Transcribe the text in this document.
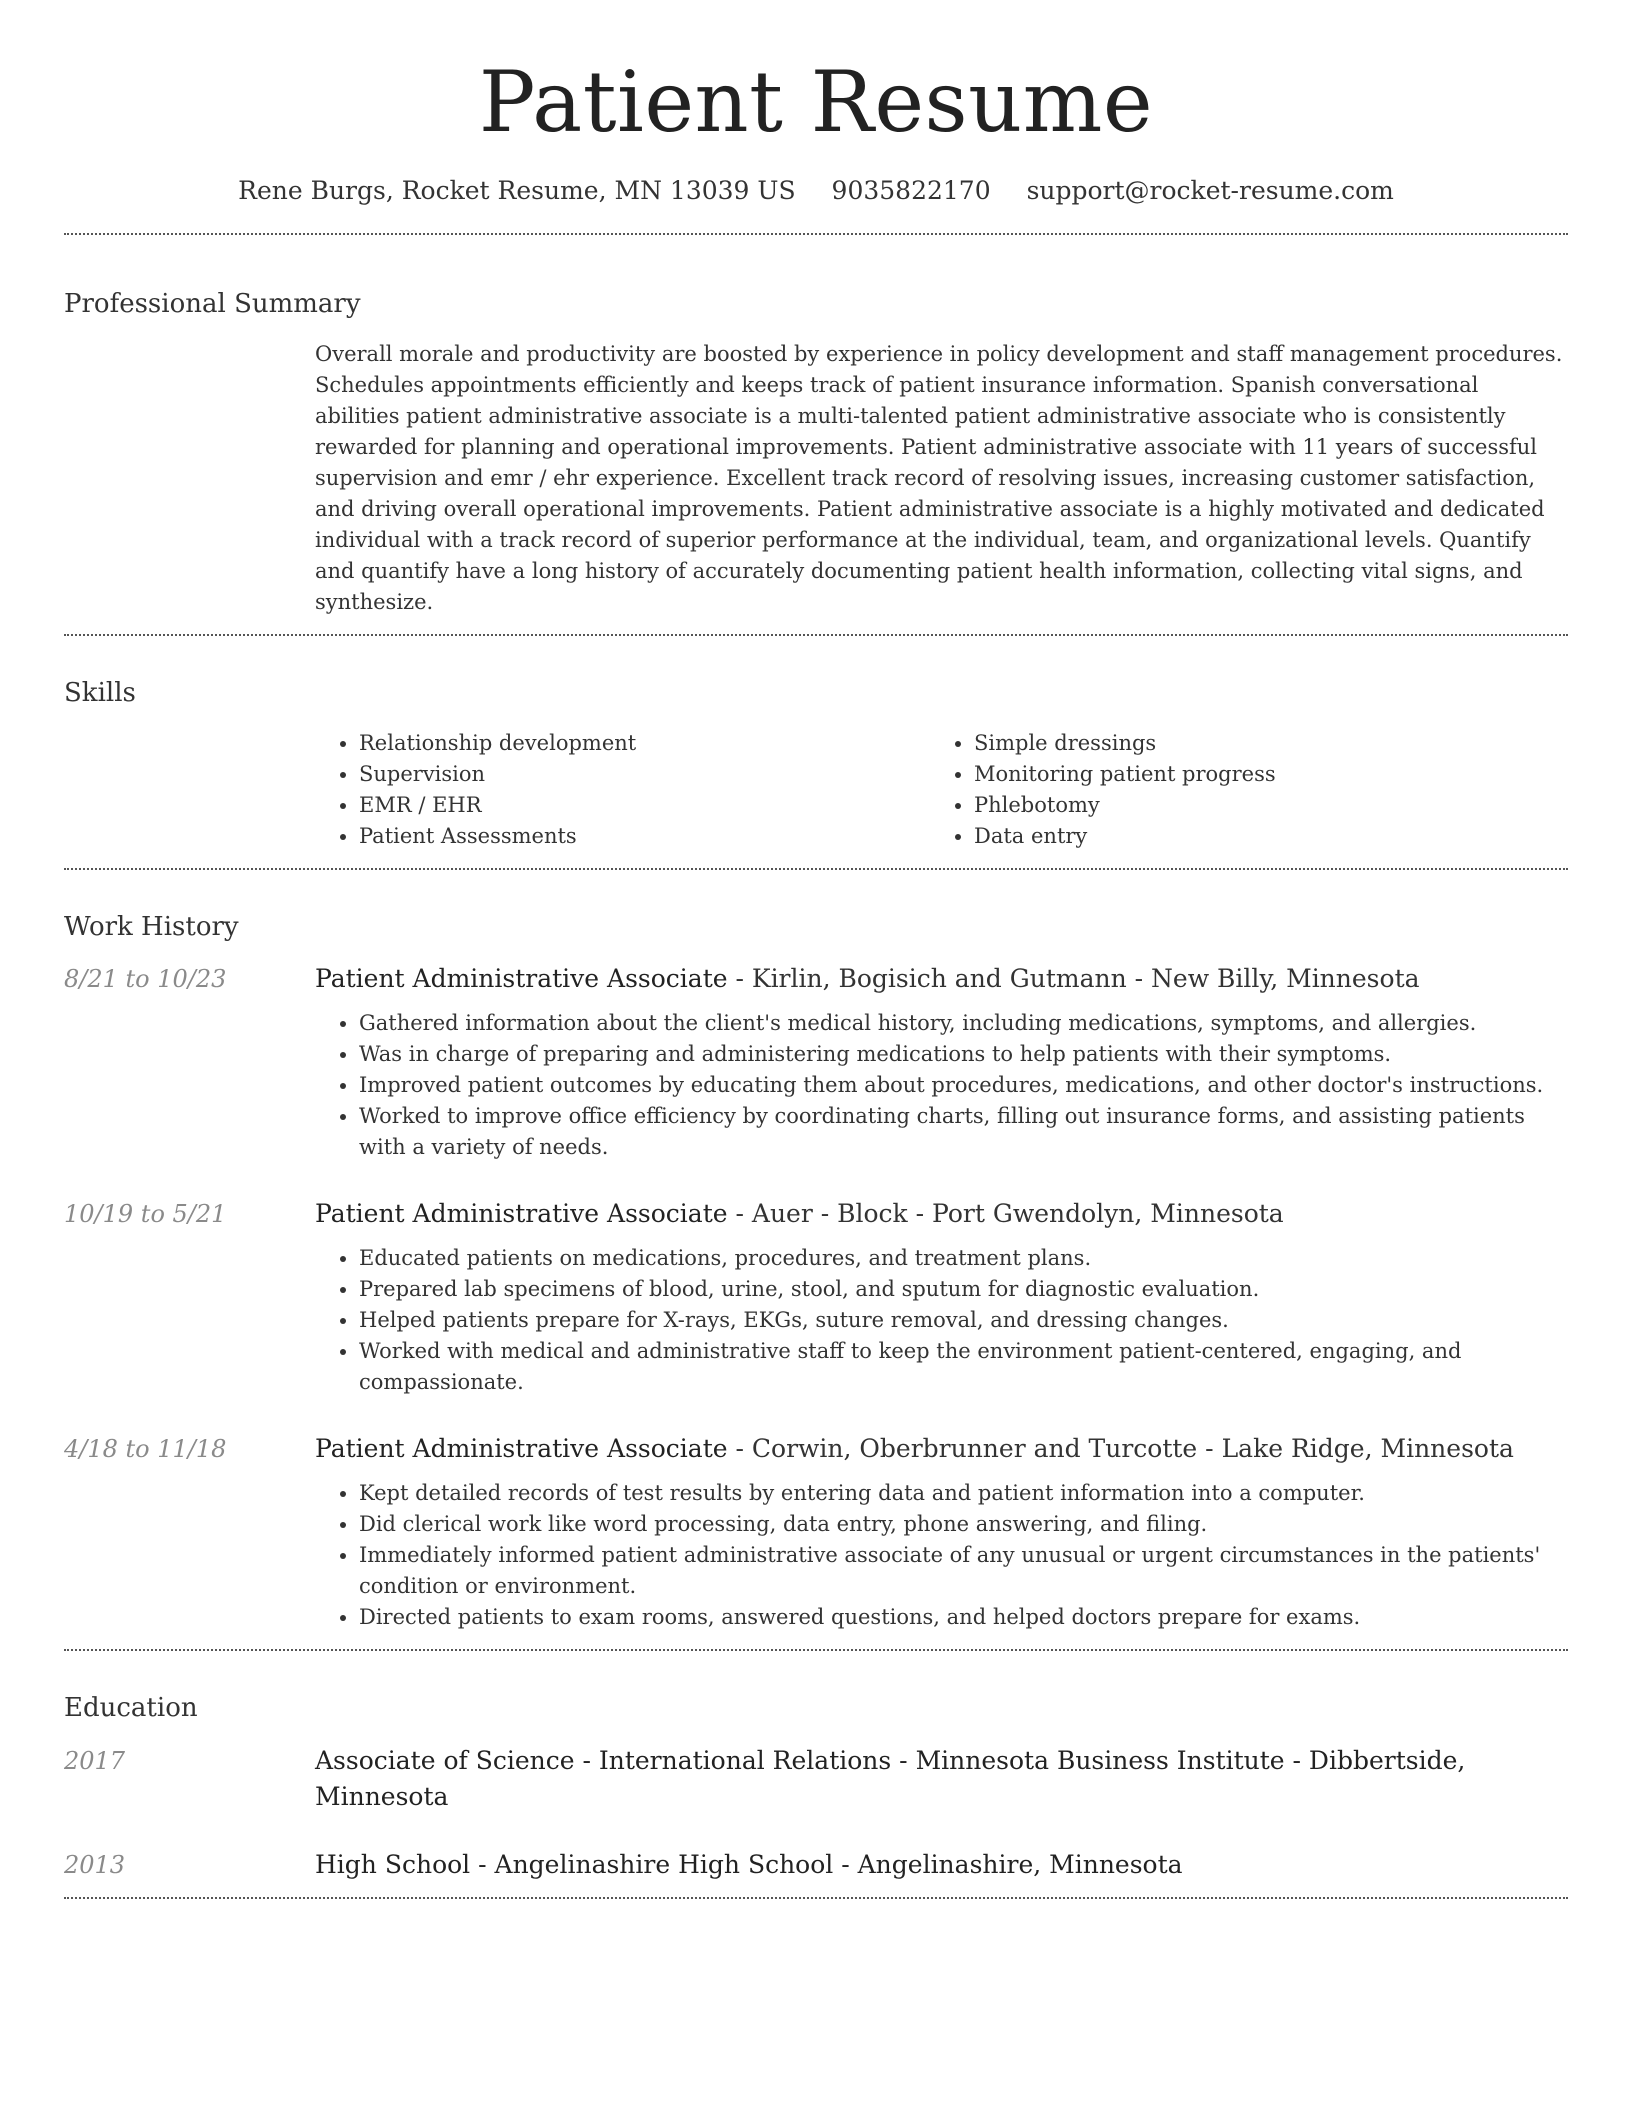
Patient Resume
Rene Burgs, Rocket Resume, MN 13039 US 9035822170 support@rocket-resume.com
Professional Summary
Overall morale and productivity are boosted by experience in policy development and staff management procedures. Schedules appointments efficiently and keeps track of patient insurance information. Spanish conversational abilities patient administrative associate is a multi-talented patient administrative associate who is consistently rewarded for planning and operational improvements. Patient administrative associate with 11 years of successful supervision and emr / ehr experience. Excellent track record of resolving issues, increasing customer satisfaction, and driving overall operational improvements. Patient administrative associate is a highly motivated and dedicated individual with a track record of superior performance at the individual, team, and organizational levels. Quantify and quantify have a long history of accurately documenting patient health information, collecting vital signs, and synthesize.
Skills
• Relationship development
• Supervision
• EMR / EHR
• Patient Assessments
• Simple dressings
• Monitoring patient progress
• Phlebotomy
• Data entry
Work History
8/21 to 10/23	Patient Administrative Associate - Kirlin, Bogisich and Gutmann - New Billy, Minnesota
• Gathered information about the client's medical history, including medications, symptoms, and allergies.
• Was in charge of preparing and administering medications to help patients with their symptoms.
• Improved patient outcomes by educating them about procedures, medications, and other doctor's instructions.
• Worked to improve office efficiency by coordinating charts, filling out insurance forms, and assisting patients with a variety of needs.
10/19 to 5/21	Patient Administrative Associate - Auer - Block - Port Gwendolyn, Minnesota
• Educated patients on medications, procedures, and treatment plans.
• Prepared lab specimens of blood, urine, stool, and sputum for diagnostic evaluation.
• Helped patients prepare for X-rays, EKGs, suture removal, and dressing changes.
• Worked with medical and administrative staff to keep the environment patient-centered, engaging, and compassionate.
4/18 to 11/18	Patient Administrative Associate - Corwin, Oberbrunner and Turcotte - Lake Ridge, Minnesota
• Kept detailed records of test results by entering data and patient information into a computer.
• Did clerical work like word processing, data entry, phone answering, and filing.
• Immediately informed patient administrative associate of any unusual or urgent circumstances in the patients' condition or environment.
• Directed patients to exam rooms, answered questions, and helped doctors prepare for exams.
Education
2017	Associate of Science - International Relations - Minnesota Business Institute - Dibbertside, Minnesota
2013	High School - Angelinashire High School - Angelinashire, Minnesota
